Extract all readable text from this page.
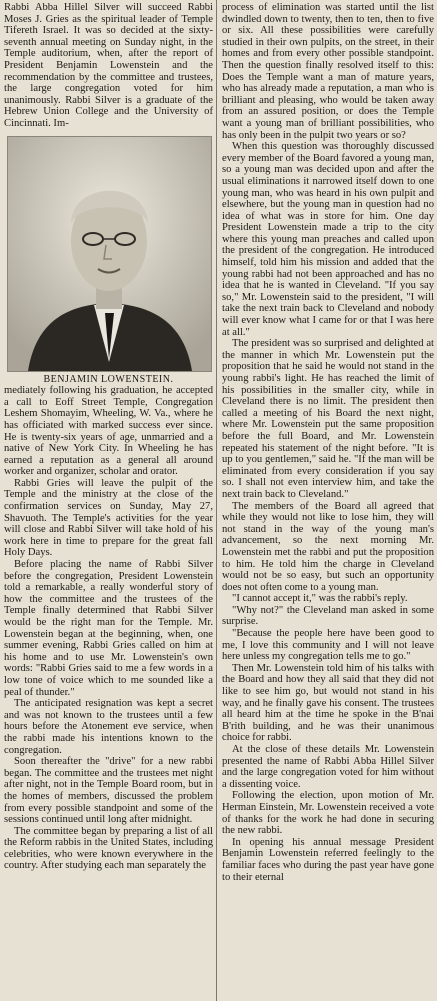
Rabbi Abba Hillel Silver will succeed Rabbi Moses J. Gries as the spiritual leader of Temple Tifereth Israel. It was so decided at the sixty-seventh annual meeting on Sunday night, in the Temple auditorium, when, after the report of President Benjamin Lowenstein and the recommendation by the committee and trustees, the large congregation voted for him unanimously. Rabbi Silver is a graduate of the Hebrew Union College and the University of Cincinnati. Im-

BENJAMIN LOWENSTEIN.

mediately following his graduation, he accepted a call to Eoff Street Temple, Congregation Leshem Shomayim, Wheeling, W. Va., where he has officiated with marked success ever since. He is twenty-six years of age, unmarried and a native of New York City. In Wheeling he has earned a reputation as a general all around worker and organizer, scholar and orator.

Rabbi Gries will leave the pulpit of the Temple and the ministry at the close of the confirmation services on Sunday, May 27, Shavuoth. The Temple's activities for the year will close and Rabbi Silver will take hold of his work here in time to prepare for the great fall Holy Days.

Before placing the name of Rabbi Silver before the congregation, President Lowenstein told a remarkable, a really wonderful story of how the committee and the trustees of the Temple finally determined that Rabbi Silver would be the right man for the Temple. Mr. Lowenstein began at the beginning, when, one summer evening, Rabbi Gries called on him at his home and to use Mr. Lowenstein's own words: "Rabbi Gries said to me a few words in a low tone of voice which to me sounded like a peal of thunder."

The anticipated resignation was kept a secret and was not known to the trustees until a few hours before the Atonement eve service, when the rabbi made his intentions known to the congregation.

Soon thereafter the "drive" for a new rabbi began. The committee and the trustees met night after night, not in the Temple Board room, but in the homes of members, discussed the problem from every possible standpoint and some of the sessions continued until long after midnight.

The committee began by preparing a list of all the Reform rabbis in the United States, including celebrities, who were known everywhere in the country. After studying each man separately the

process of elimination was started until the list dwindled down to twenty, then to ten, then to five or six. All these possibilities were carefully studied in their own pulpits, on the street, in their homes and from every other possible standpoint. Then the question finally resolved itself to this: Does the Temple want a man of mature years, who has already made a reputation, a man who is brilliant and pleasing, who would be taken away from an assured position, or does the Temple want a young man of brilliant possibilities, who has only been in the pulpit two years or so?

When this question was thoroughly discussed every member of the Board favored a young man, so a young man was decided upon and after the usual eliminations it narrowed itself down to one young man, who was heard in his own pulpit and elsewhere, but the young man in question had no idea of what was in store for him. One day President Lowenstein made a trip to the city where this young man preaches and called upon the president of the congregation. He introduced himself, told him his mission and added that the young rabbi had not been approached and has no idea that he is wanted in Cleveland. "If you say so," Mr. Lowenstein said to the president, "I will take the next train back to Cleveland and nobody will ever know what I came for or that I was here at all."

The president was so surprised and delighted at the manner in which Mr. Lowenstein put the proposition that he said he would not stand in the young rabbi's light. He has reached the limit of his possibilities in the smaller city, while in Cleveland there is no limit. The president then called a meeting of his Board the next night, where Mr. Lowenstein put the same proposition before the full Board, and Mr. Lowenstein repeated his statement of the night before. "It is up to you gentlemen," said he. "If the man will be eliminated from every consideration if you say so. I shall not even interview him, and take the next train back to Cleveland."

The members of the Board all agreed that while they would not like to lose him, they will not stand in the way of the young man's advancement, so the next morning Mr. Lowenstein met the rabbi and put the proposition to him. He told him the charge in Cleveland would not be so easy, but such an opportunity does not often come to a young man.

"I cannot accept it," was the rabbi's reply.

"Why not?" the Cleveland man asked in some surprise.

"Because the people here have been good to me, I love this community and I will not leave here unless my congregation tells me to go."

Then Mr. Lowenstein told him of his talks with the Board and how they all said that they did not like to see him go, but would not stand in his way, and he finally gave his consent. The trustees all heard him at the time he spoke in the B'nai B'rith building, and he was their unanimous choice for rabbi.

At the close of these details Mr. Lowenstein presented the name of Rabbi Abba Hillel Silver and the large congregation voted for him without a dissenting voice.

Following the election, upon motion of Mr. Herman Einstein, Mr. Lowenstein received a vote of thanks for the work he had done in securing the new rabbi.

In opening his annual message President Benjamin Lowenstein referred feelingly to the familiar faces who during the past year have gone to their eternal
